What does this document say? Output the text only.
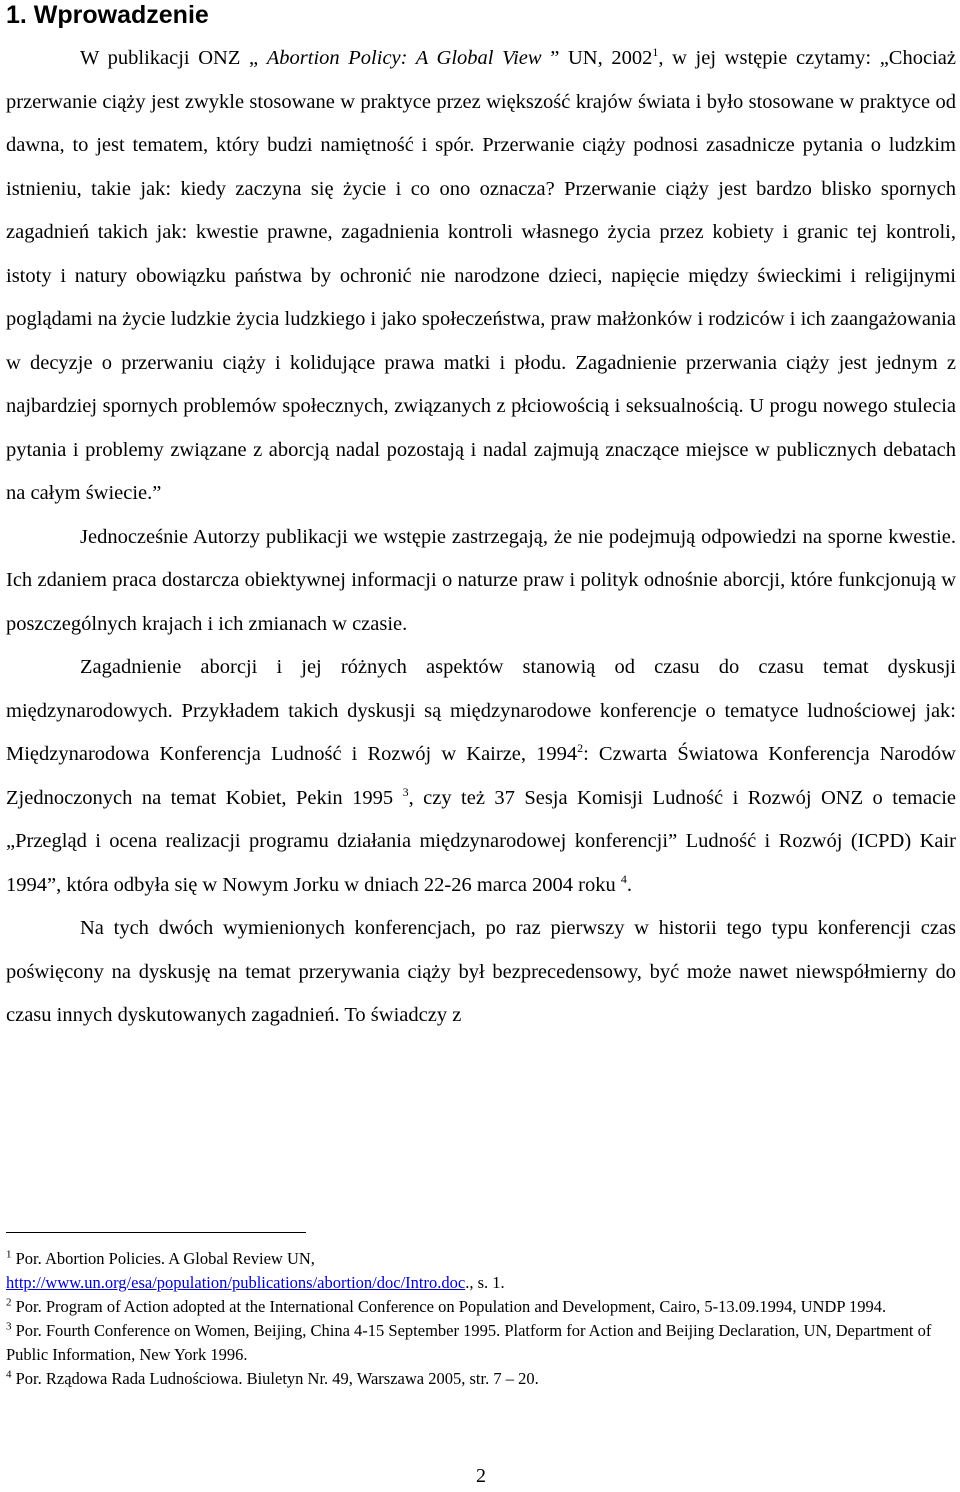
1. Wprowadzenie

W publikacji ONZ „ Abortion Policy: A Global View ” UN, 2002$^1$, w jej wstępie czytamy: „Chociaż przerwanie ciąży jest zwykle stosowane w praktyce przez większość krajów świata i było stosowane w praktyce od dawna, to jest tematem, który budzi namiętność i spór. Przerwanie ciąży podnosi zasadnicze pytania o ludzkim istnieniu, takie jak: kiedy zaczyna się życie i co ono oznacza? Przerwanie ciąży jest bardzo blisko spornych zagadnień takich jak: kwestie prawne, zagadnienia kontroli własnego życia przez kobiety i granic tej kontroli, istoty i natury obowiązku państwa by ochronić nie narodzone dzieci, napięcie między świeckimi i religijnymi poglądami na życie ludzkie życia ludzkiego i jako społeczeństwa, praw małżonków i rodziców i ich zaangażowania w decyzje o przerwaniu ciąży i kolidujące prawa matki i płodu. Zagadnienie przerwania ciąży jest jednym z najbardziej spornych problemów społecznych, związanych z płciowością i seksualnością. U progu nowego stulecia pytania i problemy związane z aborcją nadal pozostają i nadal zajmują znaczące miejsce w publicznych debatach na całym świecie.”

Jednocześnie Autorzy publikacji we wstępie zastrzegają, że nie podejmują odpowiedzi na sporne kwestie. Ich zdaniem praca dostarcza obiektywnej informacji o naturze praw i polityk odnośnie aborcji, które funkcjonują w poszczególnych krajach i ich zmianach w czasie.

Zagadnienie aborcji i jej różnych aspektów stanowią od czasu do czasu temat dyskusji międzynarodowych. Przykładem takich dyskusji są międzynarodowe konferencje o tematyce ludnościowej jak: Międzynarodowa Konferencja Ludność i Rozwój w Kairze, 1994$^2$: Czwarta Światowa Konferencja Narodów Zjednoczonych na temat Kobiet, Pekin 1995 $^3$, czy też 37 Sesja Komisji Ludność i Rozwój ONZ o temacie „Przegląd i ocena realizacji programu działania międzynarodowej konferencji” Ludność i Rozwój (ICPD) Kair 1994”, która odbyła się w Nowym Jorku w dniach 22-26 marca 2004 roku $^4$.

Na tych dwóch wymienionych konferencjach, po raz pierwszy w historii tego typu konferencji czas poświęcony na dyskusję na temat przerywania ciąży był bezprecedensowy, być może nawet niewspółmierny do czasu innych dyskutowanych zagadnień. To świadczy z

$^1$ Por. Abortion Policies. A Global Review UN,
http://www.un.org/esa/population/publications/abortion/doc/Intro.doc., s. 1.

$^2$ Por. Program of Action adopted at the International Conference on Population and Development, Cairo, 5-13.09.1994, UNDP 1994.

$^3$ Por. Fourth Conference on Women, Beijing, China 4-15 September 1995. Platform for Action and Beijing Declaration, UN, Department of Public Information, New York 1996.

$^4$ Por. Rządowa Rada Ludnościowa. Biuletyn Nr. 49, Warszawa 2005, str. 7 – 20.

2
